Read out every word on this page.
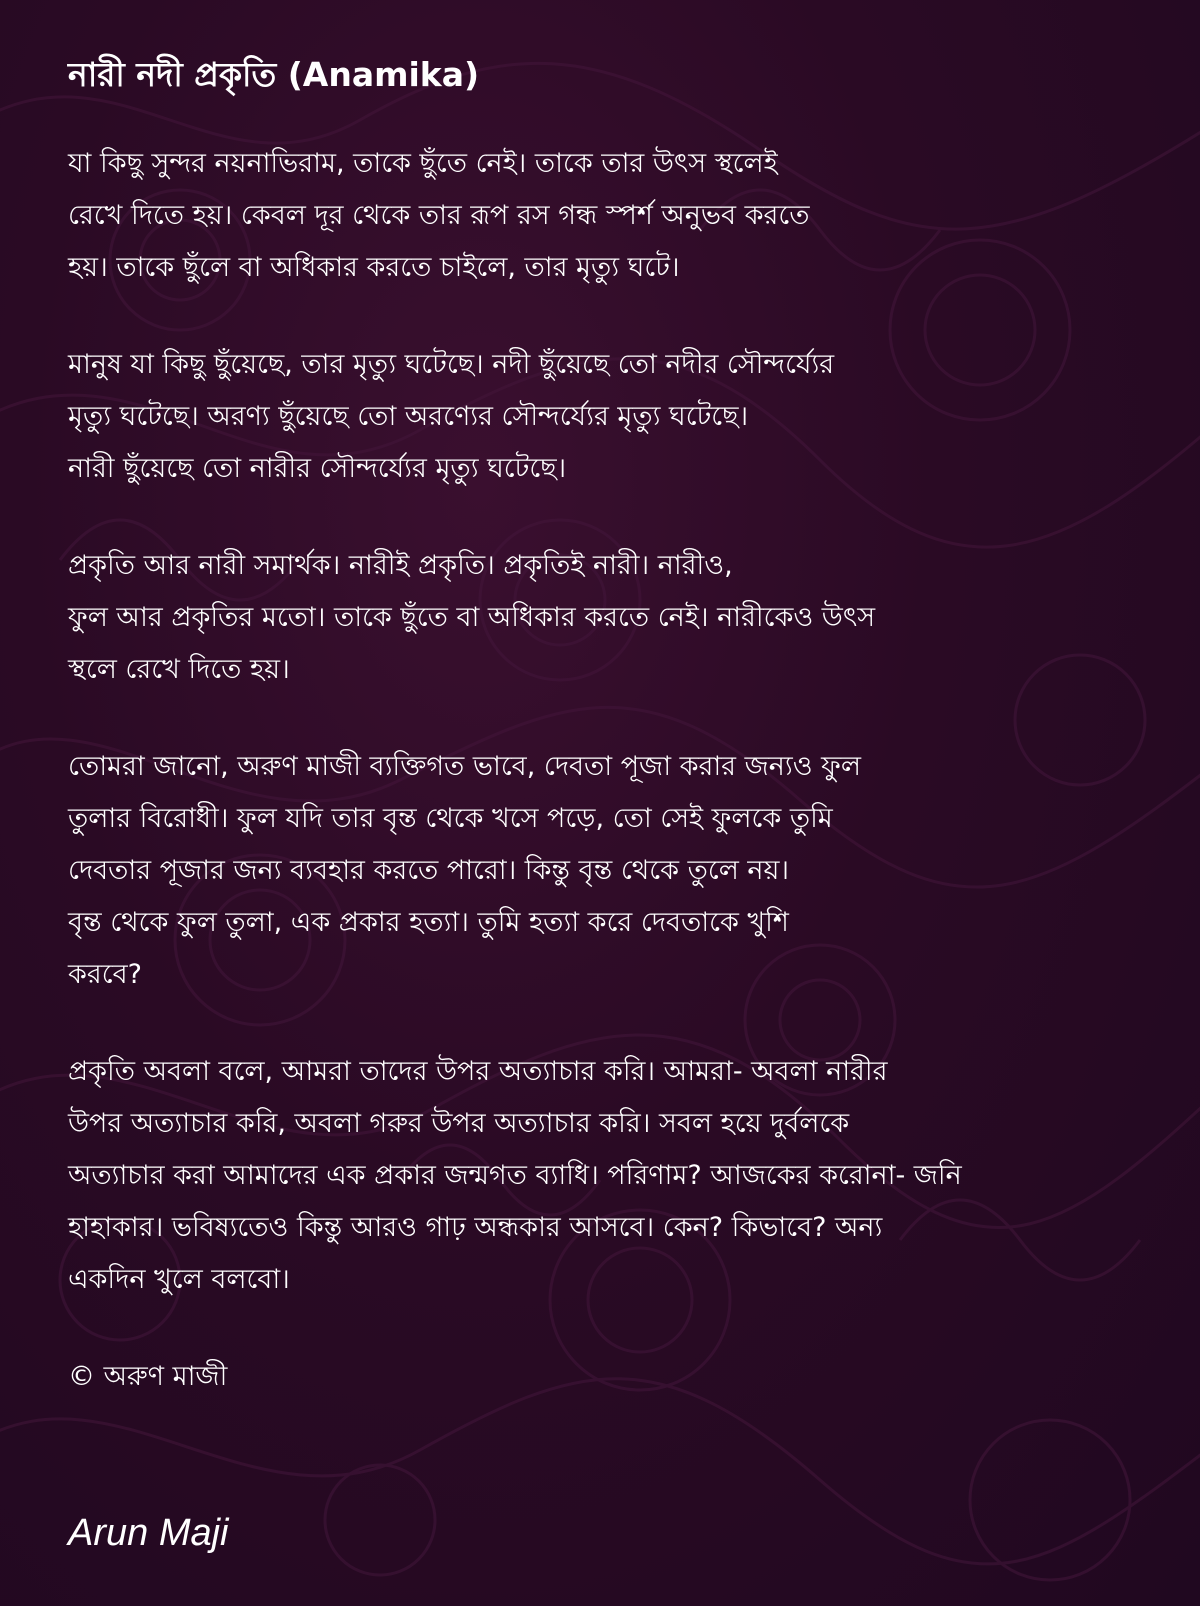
নারী নদী প্রকৃতি (Anamika)
যা কিছু সুন্দর নয়নাভিরাম, তাকে ছুঁতে নেই। তাকে তার উৎস স্থলেই
রেখে দিতে হয়। কেবল দূর থেকে তার রূপ রস গন্ধ স্পর্শ অনুভব করতে
হয়। তাকে ছুঁলে বা অধিকার করতে চাইলে, তার মৃত্যু ঘটে।
মানুষ যা কিছু ছুঁয়েছে, তার মৃত্যু ঘটেছে। নদী ছুঁয়েছে তো নদীর সৌন্দর্য্যের
মৃত্যু ঘটেছে। অরণ্য ছুঁয়েছে তো অরণ্যের সৌন্দর্য্যের মৃত্যু ঘটেছে।
নারী ছুঁয়েছে তো নারীর সৌন্দর্য্যের মৃত্যু ঘটেছে।
প্রকৃতি আর নারী সমার্থক। নারীই প্রকৃতি। প্রকৃতিই নারী। নারীও,
ফুল আর প্রকৃতির মতো। তাকে ছুঁতে বা অধিকার করতে নেই। নারীকেও উৎস
স্থলে রেখে দিতে হয়।
তোমরা জানো, অরুণ মাজী ব্যক্তিগত ভাবে, দেবতা পূজা করার জন্যও ফুল
তুলার বিরোধী। ফুল যদি তার বৃন্ত থেকে খসে পড়ে, তো সেই ফুলকে তুমি
দেবতার পূজার জন্য ব্যবহার করতে পারো। কিন্তু বৃন্ত থেকে তুলে নয়।
বৃন্ত থেকে ফুল তুলা, এক প্রকার হত্যা। তুমি হত্যা করে দেবতাকে খুশি
করবে?
প্রকৃতি অবলা বলে, আমরা তাদের উপর অত্যাচার করি। আমরা- অবলা নারীর
উপর অত্যাচার করি, অবলা গরুর উপর অত্যাচার করি। সবল হয়ে দুর্বলকে
অত্যাচার করা আমাদের এক প্রকার জন্মগত ব্যাধি। পরিণাম? আজকের করোনা- জনি
হাহাকার। ভবিষ্যতেও কিন্তু আরও গাঢ় অন্ধকার আসবে। কেন? কিভাবে? অন্য
একদিন খুলে বলবো।
© অরুণ মাজী
Arun Maji
